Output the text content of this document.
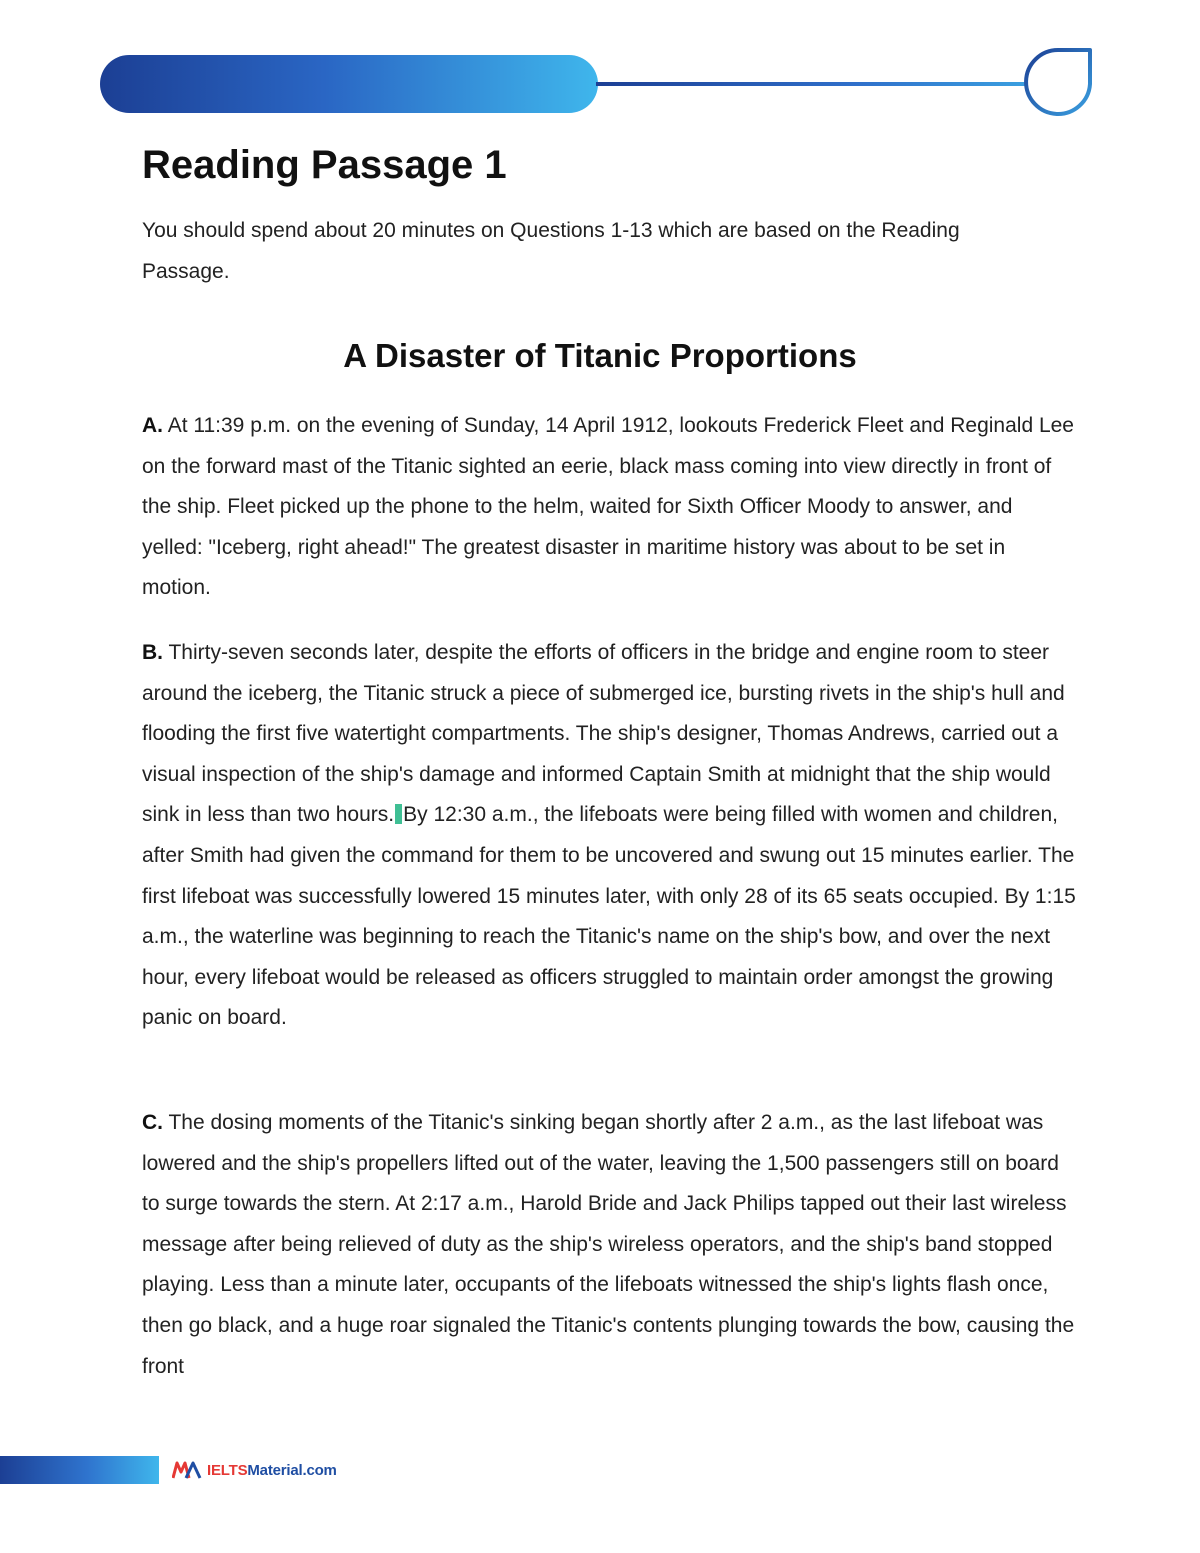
Reading Passage 1

You should spend about 20 minutes on Questions 1-13 which are based on the Reading Passage.

A Disaster of Titanic Proportions

A. At 11:39 p.m. on the evening of Sunday, 14 April 1912, lookouts Frederick Fleet and Reginald Lee on the forward mast of the Titanic sighted an eerie, black mass coming into view directly in front of the ship. Fleet picked up the phone to the helm, waited for Sixth Officer Moody to answer, and yelled: "Iceberg, right ahead!" The greatest disaster in maritime history was about to be set in motion.

B. Thirty-seven seconds later, despite the efforts of officers in the bridge and engine room to steer around the iceberg, the Titanic struck a piece of submerged ice, bursting rivets in the ship's hull and flooding the first five watertight compartments. The ship's designer, Thomas Andrews, carried out a visual inspection of the ship's damage and informed Captain Smith at midnight that the ship would sink in less than two hours. By 12:30 a.m., the lifeboats were being filled with women and children, after Smith had given the command for them to be uncovered and swung out 15 minutes earlier. The first lifeboat was successfully lowered 15 minutes later, with only 28 of its 65 seats occupied. By 1:15 a.m., the waterline was beginning to reach the Titanic's name on the ship's bow, and over the next hour, every lifeboat would be released as officers struggled to maintain order amongst the growing panic on board.

C. The dosing moments of the Titanic's sinking began shortly after 2 a.m., as the last lifeboat was lowered and the ship's propellers lifted out of the water, leaving the 1,500 passengers still on board to surge towards the stern. At 2:17 a.m., Harold Bride and Jack Philips tapped out their last wireless message after being relieved of duty as the ship's wireless operators, and the ship's band stopped playing. Less than a minute later, occupants of the lifeboats witnessed the ship's lights flash once, then go black, and a huge roar signaled the Titanic's contents plunging towards the bow, causing the front

IELTSMaterial.com
